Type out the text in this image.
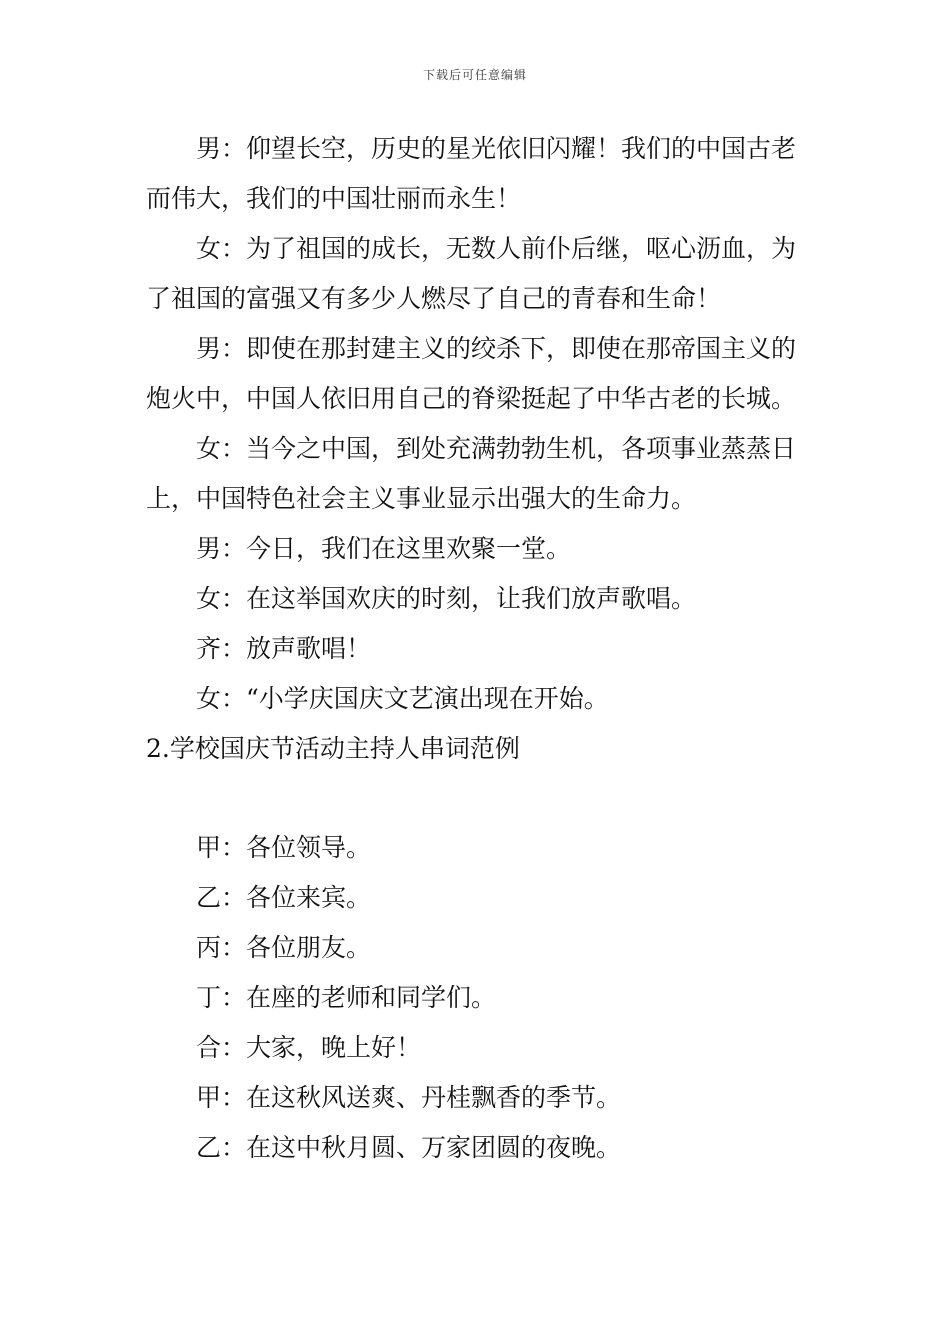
下载后可任意编辑

男：仰望长空，历史的星光依旧闪耀！我们的中国古老而伟大，我们的中国壮丽而永生！

女：为了祖国的成长，无数人前仆后继，呕心沥血，为了祖国的富强又有多少人燃尽了自己的青春和生命！

男：即使在那封建主义的绞杀下，即使在那帝国主义的炮火中，中国人依旧用自己的脊梁挺起了中华古老的长城。

女：当今之中国，到处充满勃勃生机，各项事业蒸蒸日上，中国特色社会主义事业显示出强大的生命力。

男：今日，我们在这里欢聚一堂。

女：在这举国欢庆的时刻，让我们放声歌唱。

齐：放声歌唱！

女：“小学庆国庆文艺演出现在开始。

2.学校国庆节活动主持人串词范例

甲：各位领导。

乙：各位来宾。

丙：各位朋友。

丁：在座的老师和同学们。

合：大家，晚上好！

甲：在这秋风送爽、丹桂飘香的季节。

乙：在这中秋月圆、万家团圆的夜晚。
